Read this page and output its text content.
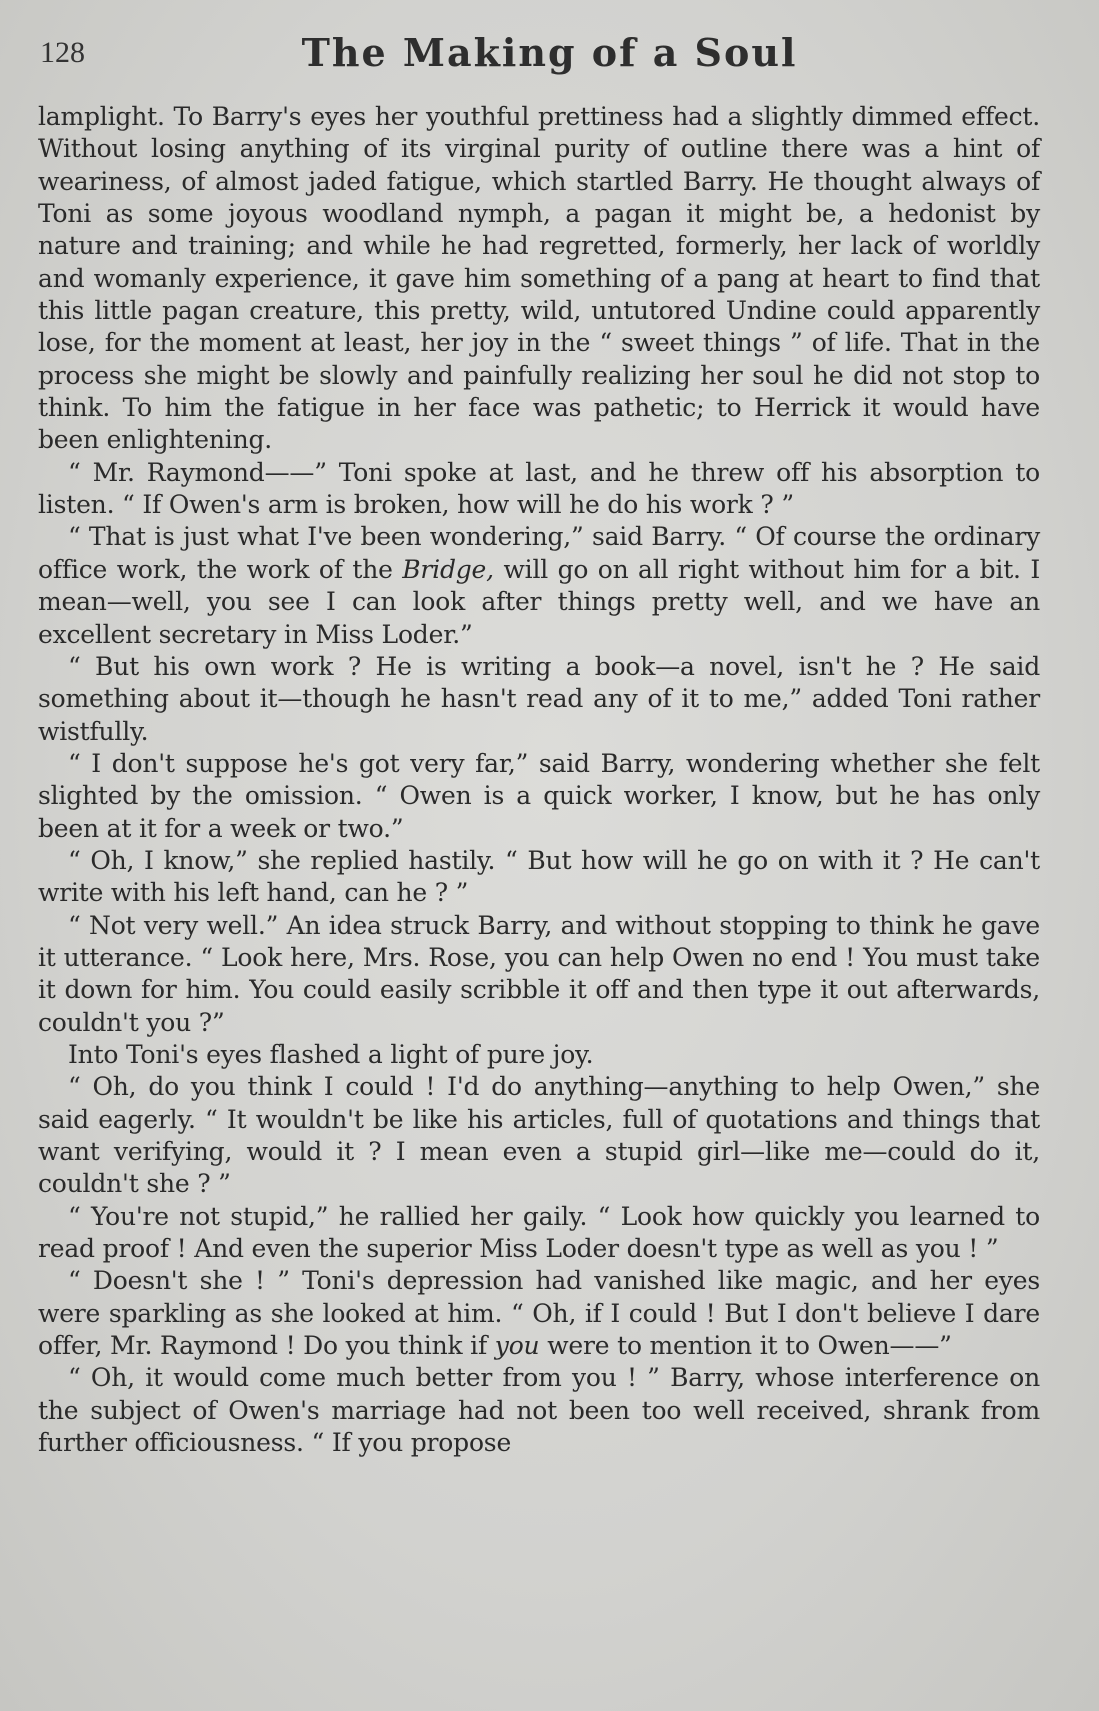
128	The Making of a Soul

lamplight. To Barry's eyes her youthful prettiness had a slightly dimmed effect. Without losing anything of its virginal purity of outline there was a hint of weariness, of almost jaded fatigue, which startled Barry. He thought always of Toni as some joyous woodland nymph, a pagan it might be, a hedonist by nature and training; and while he had regretted, formerly, her lack of worldly and womanly experience, it gave him something of a pang at heart to find that this little pagan creature, this pretty, wild, untutored Undine could apparently lose, for the moment at least, her joy in the “ sweet things ” of life. That in the process she might be slowly and painfully realizing her soul he did not stop to think. To him the fatigue in her face was pathetic; to Herrick it would have been enlightening.

“ Mr. Raymond——” Toni spoke at last, and he threw off his absorption to listen. “ If Owen's arm is broken, how will he do his work ? ”

“ That is just what I've been wondering,” said Barry. “ Of course the ordinary office work, the work of the Bridge, will go on all right without him for a bit. I mean—well, you see I can look after things pretty well, and we have an excellent secretary in Miss Loder.”

“ But his own work ? He is writing a book—a novel, isn't he ? He said something about it—though he hasn't read any of it to me,” added Toni rather wistfully.

“ I don't suppose he's got very far,” said Barry, wondering whether she felt slighted by the omission. “ Owen is a quick worker, I know, but he has only been at it for a week or two.”

“ Oh, I know,” she replied hastily. “ But how will he go on with it ? He can't write with his left hand, can he ? ”

“ Not very well.” An idea struck Barry, and without stopping to think he gave it utterance. “ Look here, Mrs. Rose, you can help Owen no end ! You must take it down for him. You could easily scribble it off and then type it out afterwards, couldn't you ?”

Into Toni's eyes flashed a light of pure joy.

“ Oh, do you think I could ! I'd do anything—anything to help Owen,” she said eagerly. “ It wouldn't be like his articles, full of quotations and things that want verifying, would it ? I mean even a stupid girl—like me—could do it, couldn't she ? ”

“ You're not stupid,” he rallied her gaily. “ Look how quickly you learned to read proof ! And even the superior Miss Loder doesn't type as well as you ! ”

“ Doesn't she ! ” Toni's depression had vanished like magic, and her eyes were sparkling as she looked at him. “ Oh, if I could ! But I don't believe I dare offer, Mr. Raymond ! Do you think if you were to mention it to Owen——”

“ Oh, it would come much better from you ! ” Barry, whose interference on the subject of Owen's marriage had not been too well received, shrank from further officiousness. “ If you propose
